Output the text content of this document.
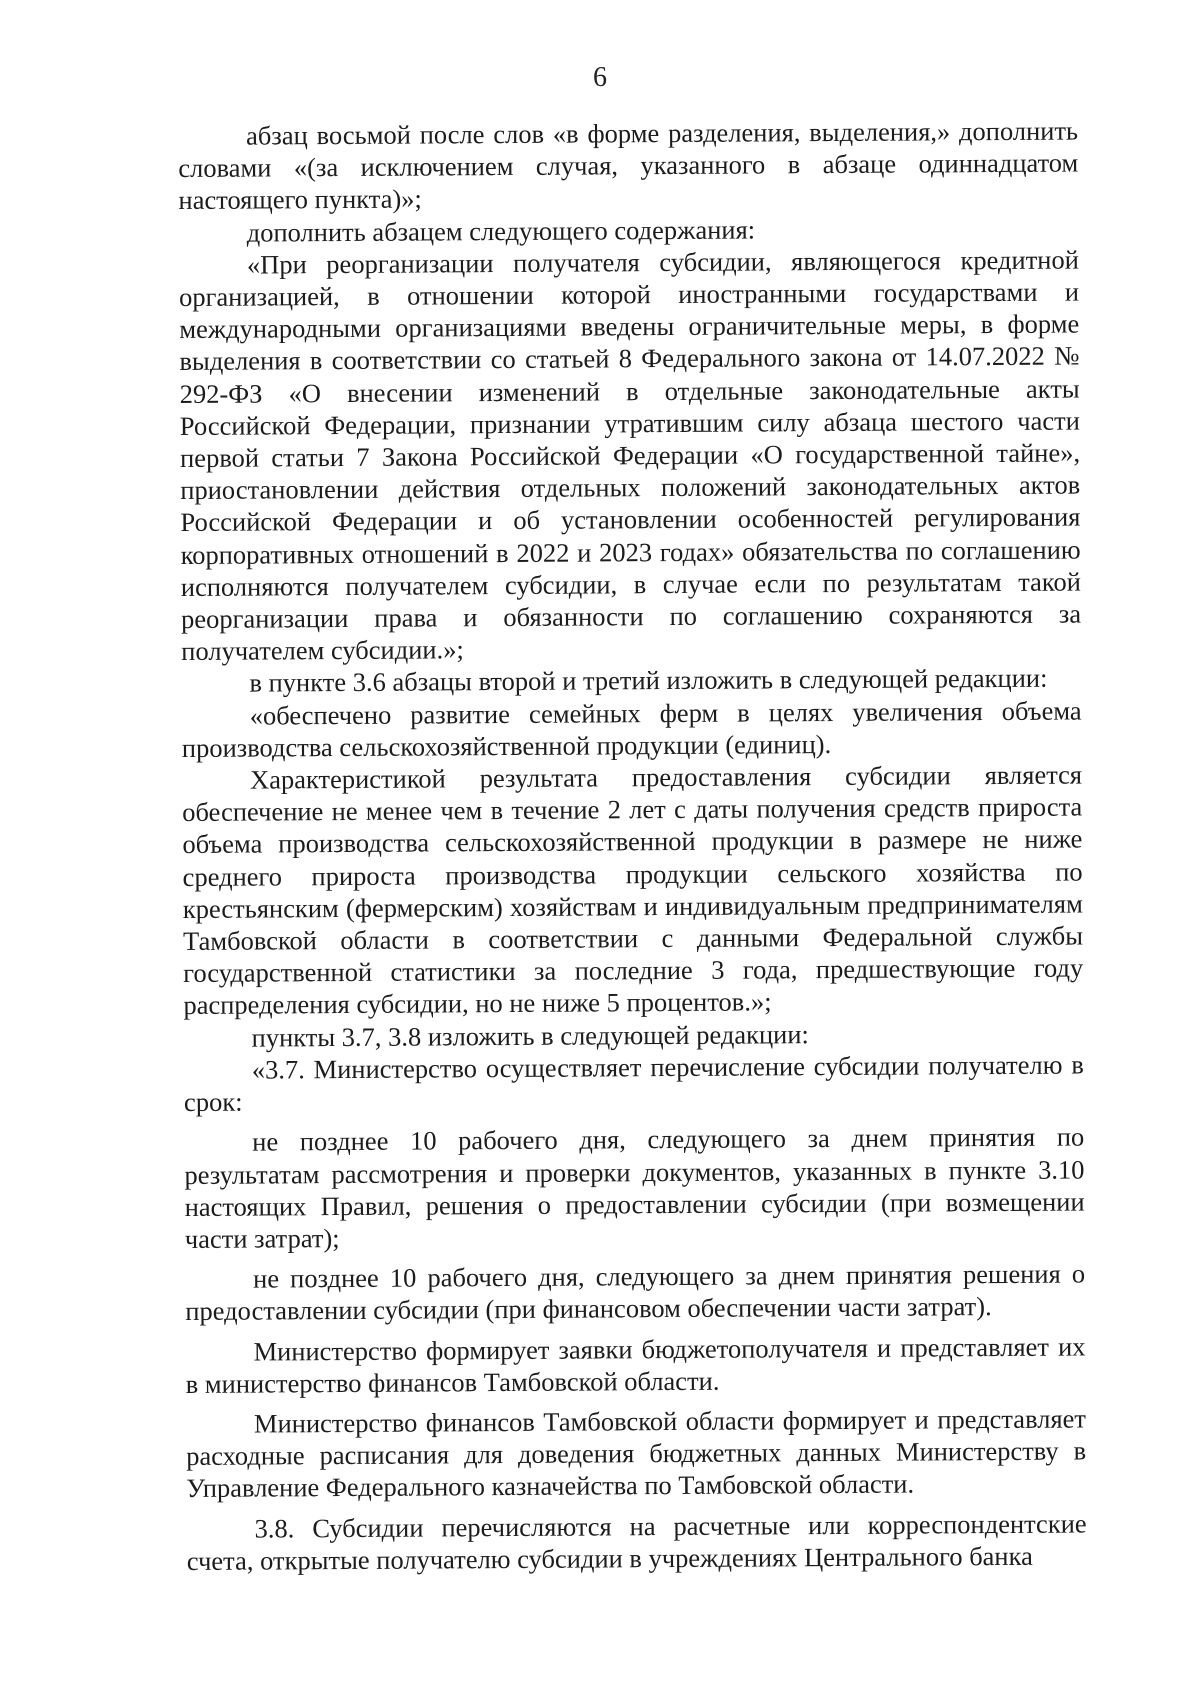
6

абзац восьмой после слов «в форме разделения, выделения,» дополнить словами «(за исключением случая, указанного в абзаце одиннадцатом настоящего пункта)»;

дополнить абзацем следующего содержания:

«При реорганизации получателя субсидии, являющегося кредитной организацией, в отношении которой иностранными государствами и международными организациями введены ограничительные меры, в форме выделения в соответствии со статьей 8 Федерального закона от 14.07.2022 № 292-ФЗ «О внесении изменений в отдельные законодательные акты Российской Федерации, признании утратившим силу абзаца шестого части первой статьи 7 Закона Российской Федерации «О государственной тайне», приостановлении действия отдельных положений законодательных актов Российской Федерации и об установлении особенностей регулирования корпоративных отношений в 2022 и 2023 годах» обязательства по соглашению исполняются получателем субсидии, в случае если по результатам такой реорганизации права и обязанности по соглашению сохраняются за получателем субсидии.»;

в пункте 3.6 абзацы второй и третий изложить в следующей редакции:

«обеспечено развитие семейных ферм в целях увеличения объема производства сельскохозяйственной продукции (единиц).

Характеристикой результата предоставления субсидии является обеспечение не менее чем в течение 2 лет с даты получения средств прироста объема производства сельскохозяйственной продукции в размере не ниже среднего прироста производства продукции сельского хозяйства по крестьянским (фермерским) хозяйствам и индивидуальным предпринимателям Тамбовской области в соответствии с данными Федеральной службы государственной статистики за последние 3 года, предшествующие году распределения субсидии, но не ниже 5 процентов.»;

пункты 3.7, 3.8 изложить в следующей редакции:

«3.7. Министерство осуществляет перечисление субсидии получателю в срок:

не позднее 10 рабочего дня, следующего за днем принятия по результатам рассмотрения и проверки документов, указанных в пункте 3.10 настоящих Правил, решения о предоставлении субсидии (при возмещении части затрат);

не позднее 10 рабочего дня, следующего за днем принятия решения о предоставлении субсидии (при финансовом обеспечении части затрат).

Министерство формирует заявки бюджетополучателя и представляет их в министерство финансов Тамбовской области.

Министерство финансов Тамбовской области формирует и представляет расходные расписания для доведения бюджетных данных Министерству в Управление Федерального казначейства по Тамбовской области.

3.8. Субсидии перечисляются на расчетные или корреспондентские счета, открытые получателю субсидии в учреждениях Центрального банка
